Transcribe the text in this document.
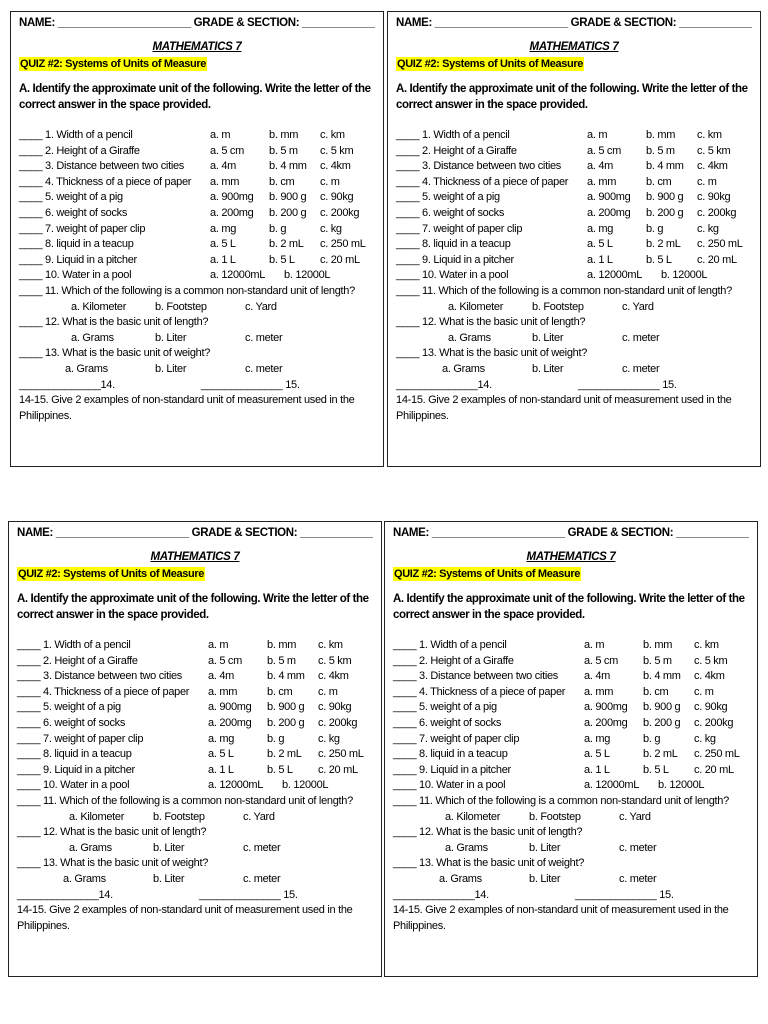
NAME: ______________________ GRADE & SECTION: ____________
MATHEMATICS 7
QUIZ #2: Systems of Units of Measure
A. Identify the approximate unit of the following. Write the letter of the correct answer in the space provided.
____ 1. Width of a pencil	a. m	b. mm c. km
____ 2. Height of a Giraffe	a. 5 cm b. 5 m c. 5 km
____ 3. Distance between two cities a. 4m	b. 4 mm c. 4km
____ 4. Thickness of a piece of paper a. mm	b. cm c. m
____ 5. weight of a pig	a. 900mg b. 900 g c. 90kg
____ 6. weight of socks	a. 200mg b. 200 g c. 200kg
____ 7. weight of paper clip	a. mg	b. g	c. kg
____ 8. liquid in a teacup	a. 5 L	b. 2 mL c. 250 mL
____ 9. Liquid in a pitcher	a. 1 L	b. 5 L c. 20 mL
____ 10. Water in a pool	a. 12000mL b. 12000L
____ 11. Which of the following is a common non-standard unit of length?
a. Kilometer	b. Footstep	c. Yard
____ 12. What is the basic unit of length?
a. Grams	b. Liter	c. meter
____ 13. What is the basic unit of weight?
a. Grams	b. Liter	c. meter
______________14.	______________ 15.
14-15. Give 2 examples of non-standard unit of measurement used in the Philippines.
NAME: ______________________ GRADE & SECTION: ____________
MATHEMATICS 7
QUIZ #2: Systems of Units of Measure
A. Identify the approximate unit of the following. Write the letter of the correct answer in the space provided.
____ 1. Width of a pencil	a. m	b. mm c. km
____ 2. Height of a Giraffe	a. 5 cm b. 5 m c. 5 km
____ 3. Distance between two cities a. 4m	b. 4 mm c. 4km
____ 4. Thickness of a piece of paper a. mm	b. cm c. m
____ 5. weight of a pig	a. 900mg b. 900 g c. 90kg
____ 6. weight of socks	a. 200mg b. 200 g c. 200kg
____ 7. weight of paper clip	a. mg	b. g	c. kg
____ 8. liquid in a teacup	a. 5 L	b. 2 mL c. 250 mL
____ 9. Liquid in a pitcher	a. 1 L	b. 5 L c. 20 mL
____ 10. Water in a pool	a. 12000mL b. 12000L
____ 11. Which of the following is a common non-standard unit of length?
a. Kilometer	b. Footstep	c. Yard
____ 12. What is the basic unit of length?
a. Grams	b. Liter	c. meter
____ 13. What is the basic unit of weight?
a. Grams	b. Liter	c. meter
______________14.	______________ 15.
14-15. Give 2 examples of non-standard unit of measurement used in the Philippines.
NAME: ______________________ GRADE & SECTION: ____________
MATHEMATICS 7
QUIZ #2: Systems of Units of Measure
A. Identify the approximate unit of the following. Write the letter of the correct answer in the space provided.
____ 1. Width of a pencil	a. m	b. mm c. km
____ 2. Height of a Giraffe	a. 5 cm b. 5 m c. 5 km
____ 3. Distance between two cities a. 4m	b. 4 mm c. 4km
____ 4. Thickness of a piece of paper a. mm	b. cm c. m
____ 5. weight of a pig	a. 900mg b. 900 g c. 90kg
____ 6. weight of socks	a. 200mg b. 200 g c. 200kg
____ 7. weight of paper clip	a. mg	b. g	c. kg
____ 8. liquid in a teacup	a. 5 L	b. 2 mL c. 250 mL
____ 9. Liquid in a pitcher	a. 1 L	b. 5 L c. 20 mL
____ 10. Water in a pool	a. 12000mL b. 12000L
____ 11. Which of the following is a common non-standard unit of length?
a. Kilometer	b. Footstep	c. Yard
____ 12. What is the basic unit of length?
a. Grams	b. Liter	c. meter
____ 13. What is the basic unit of weight?
a. Grams	b. Liter	c. meter
______________14.	______________ 15.
14-15. Give 2 examples of non-standard unit of measurement used in the Philippines.
NAME: ______________________ GRADE & SECTION: ____________
MATHEMATICS 7
QUIZ #2: Systems of Units of Measure
A. Identify the approximate unit of the following. Write the letter of the correct answer in the space provided.
____ 1. Width of a pencil	a. m	b. mm c. km
____ 2. Height of a Giraffe	a. 5 cm b. 5 m c. 5 km
____ 3. Distance between two cities a. 4m	b. 4 mm c. 4km
____ 4. Thickness of a piece of paper a. mm	b. cm c. m
____ 5. weight of a pig	a. 900mg b. 900 g c. 90kg
____ 6. weight of socks	a. 200mg b. 200 g c. 200kg
____ 7. weight of paper clip	a. mg	b. g	c. kg
____ 8. liquid in a teacup	a. 5 L	b. 2 mL c. 250 mL
____ 9. Liquid in a pitcher	a. 1 L	b. 5 L c. 20 mL
____ 10. Water in a pool	a. 12000mL b. 12000L
____ 11. Which of the following is a common non-standard unit of length?
a. Kilometer	b. Footstep	c. Yard
____ 12. What is the basic unit of length?
a. Grams	b. Liter	c. meter
____ 13. What is the basic unit of weight?
a. Grams	b. Liter	c. meter
______________14.	______________ 15.
14-15. Give 2 examples of non-standard unit of measurement used in the Philippines.
